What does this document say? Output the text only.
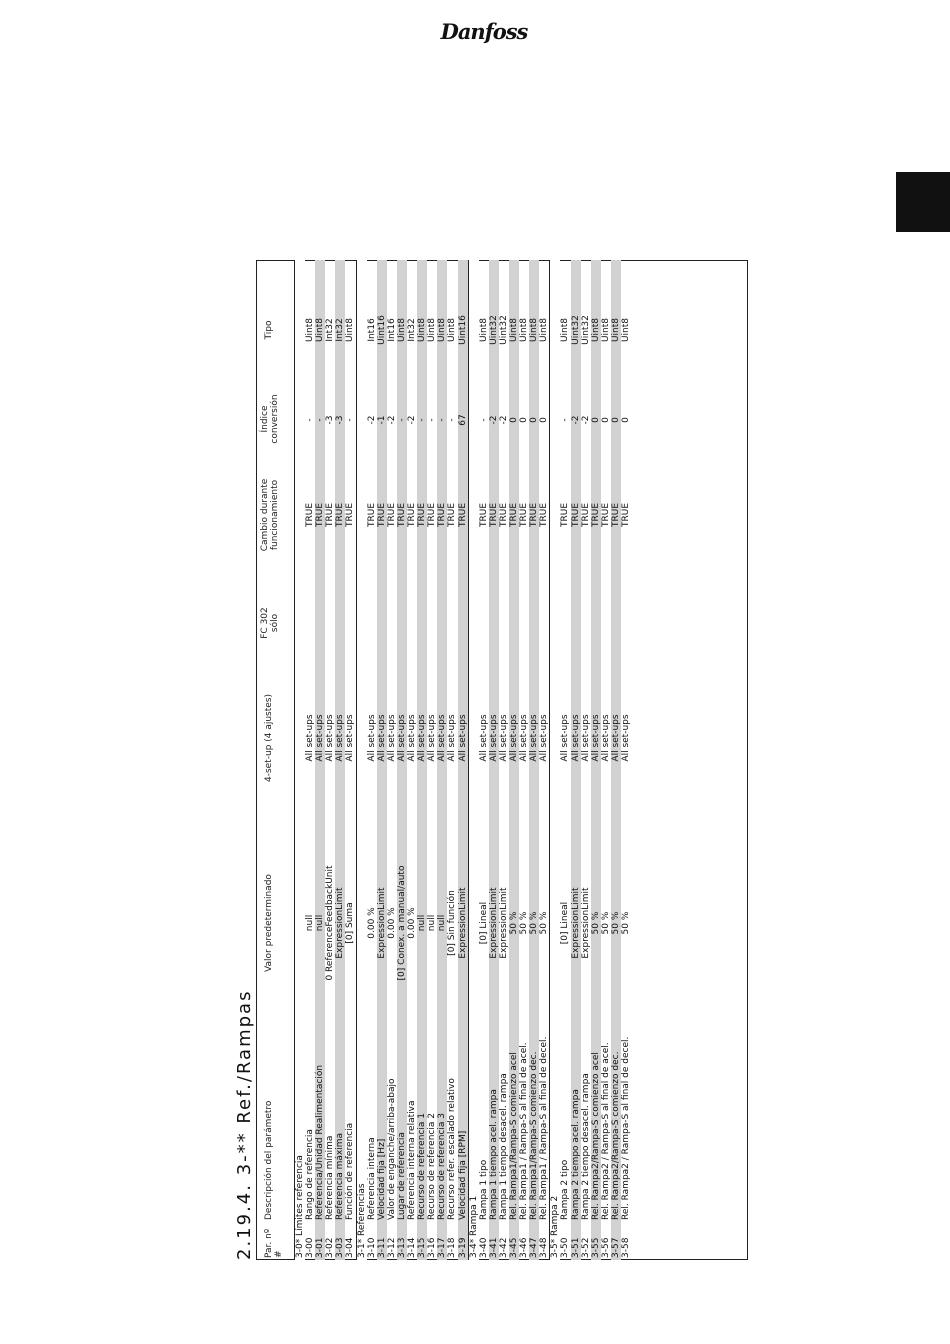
Danfoss
2.19.4. 3-** Ref./Rampas Par. nº #
Descripción del parámetro
Valor predeterminado
4-set-up (4 ajustes)
FC 302 sólo
Cambio durante funcionamiento
Índice conversión
Tipo
3-0* Límites referencia 3-00
Rango de referencia
null
All set-ups
TRUE
-
Uint8
3-01
Referencia/Unidad Realimentación
null
All set-ups
TRUE
-
Uint8
3-02
Referencia mínima
0 ReferenceFeedbackUnit
All set-ups
TRUE
-3
Int32
3-03
Referencia máxima
ExpressionLimit
All set-ups
TRUE
-3
Int32
3-04
Función de referencia
[0] Suma
All set-ups
TRUE
-
Uint8
3-1* Referencias 3-10
Referencia interna
0.00 %
All set-ups
TRUE
-2
Int16
3-11
Velocidad fija [Hz]
ExpressionLimit
All set-ups
TRUE
-1
Uint16
3-12
Valor de enganche/arriba-abajo
0.00 %
All set-ups
TRUE
-2
Int16
3-13
Lugar de referencia
[0] Conex. a manual/auto
All set-ups
TRUE
-
Uint8
3-14
Referencia interna relativa
0.00 %
All set-ups
TRUE
-2
Int32
3-15
Recurso de referencia 1
null
All set-ups
TRUE
-
Uint8
3-16
Recurso de referencia 2
null
All set-ups
TRUE
-
Uint8
3-17
Recurso de referencia 3
null
All set-ups
TRUE
-
Uint8
3-18
Recurso refer. escalado relativo
[0] Sin función
All set-ups
TRUE
-
Uint8
3-19
Velocidad fija [RPM]
ExpressionLimit
All set-ups
TRUE
67
Uint16
3-4* Rampa 1 3-40
Rampa 1 tipo
[0] Lineal
All set-ups
TRUE
-
Uint8
3-41
Rampa 1 tiempo acel. rampa
ExpressionLimit
All set-ups
TRUE
-2
Uint32
3-42
Rampa 1 tiempo desacel. rampa
ExpressionLimit
All set-ups
TRUE
-2
Uint32
3-45
Rel. Rampa1/Rampa-S comienzo acel
50 %
All set-ups
TRUE
0
Uint8
3-46
Rel. Rampa1 / Rampa-S al final de acel.
50 %
All set-ups
TRUE
0
Uint8
3-47
Rel. Rampa1/Rampa-S comienzo dec.
50 %
All set-ups
TRUE
0
Uint8
3-48
Rel. Rampa1 / Rampa-S al final de decel.
50 %
All set-ups
TRUE
0
Uint8
3-5* Rampa 2 3-50
Rampa 2 tipo
[0] Lineal
All set-ups
TRUE
-
Uint8
3-51
Rampa 2 tiempo acel. rampa
ExpressionLimit
All set-ups
TRUE
-2
Uint32
3-52
Rampa 2 tiempo desacel. rampa
ExpressionLimit
All set-ups
TRUE
-2
Uint32
3-55
Rel. Rampa2/Rampa-S comienzo acel
50 %
All set-ups
TRUE
0
Uint8
3-56
Rel. Rampa2 / Rampa-S al final de acel.
50 %
All set-ups
TRUE
0
Uint8
3-57
Rel. Rampa2/Rampa-S comienzo dec.
50 %
All set-ups
TRUE
0
Uint8
3-58
Rel. Rampa2 / Rampa-S al final de decel.
50 %
All set-ups
TRUE
0
Uint8
